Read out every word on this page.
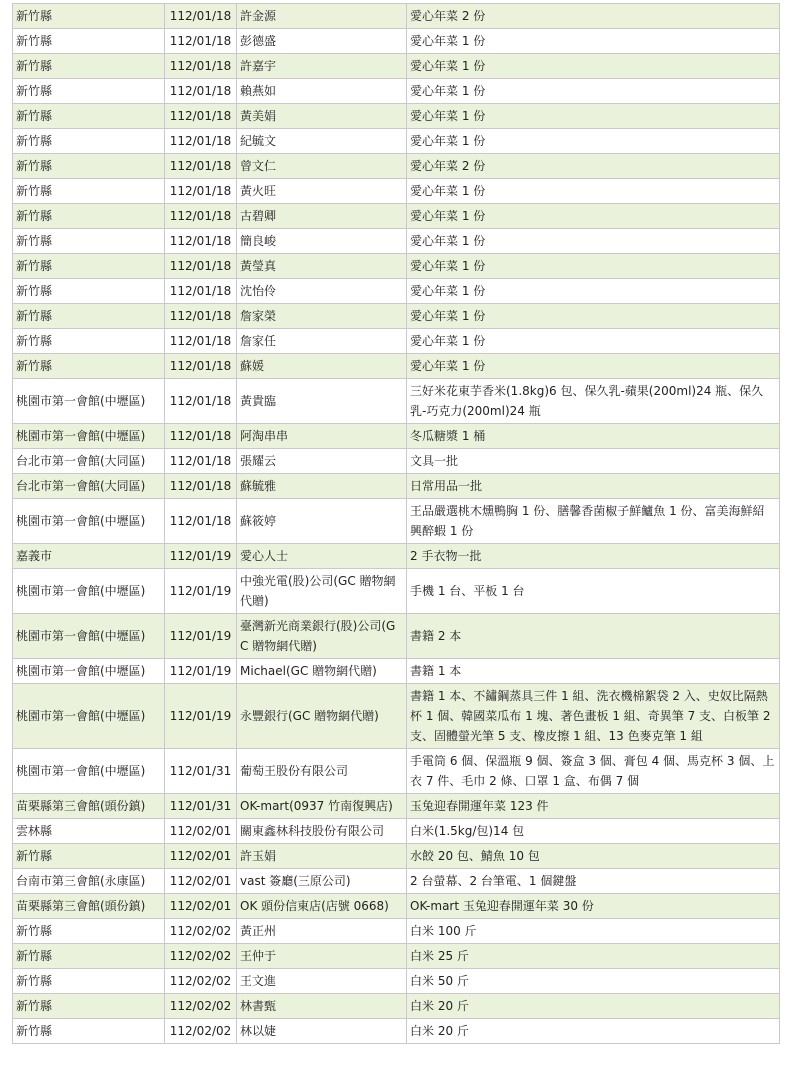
新竹縣	112/01/18	許金源	愛心年菜 2 份
新竹縣	112/01/18	彭德盛	愛心年菜 1 份
新竹縣	112/01/18	許嘉宇	愛心年菜 1 份
新竹縣	112/01/18	賴燕如	愛心年菜 1 份
新竹縣	112/01/18	黃美娟	愛心年菜 1 份
新竹縣	112/01/18	紀毓文	愛心年菜 1 份
新竹縣	112/01/18	曾文仁	愛心年菜 2 份
新竹縣	112/01/18	黃火旺	愛心年菜 1 份
新竹縣	112/01/18	古碧卿	愛心年菜 1 份
新竹縣	112/01/18	簡良峻	愛心年菜 1 份
新竹縣	112/01/18	黃瑩真	愛心年菜 1 份
新竹縣	112/01/18	沈怡伶	愛心年菜 1 份
新竹縣	112/01/18	詹家榮	愛心年菜 1 份
新竹縣	112/01/18	詹家任	愛心年菜 1 份
新竹縣	112/01/18	蘇媛	愛心年菜 1 份
桃園市第一會館(中壢區)	112/01/18	黃貴臨	三好米花東芋香米(1.8kg)6 包、保久乳-蘋果(200ml)24 瓶、保久乳-巧克力(200ml)24 瓶
桃園市第一會館(中壢區)	112/01/18	阿淘串串	冬瓜糖漿 1 桶
台北市第一會館(大同區)	112/01/18	張耀云	文具一批
台北市第一會館(大同區)	112/01/18	蘇毓雅	日常用品一批
桃園市第一會館(中壢區)	112/01/18	蘇筱婷	王品嚴選桃木燻鴨胸 1 份、膳馨香菌椒子鮮鱸魚 1 份、富美海鮮紹興醉蝦 1 份
嘉義市	112/01/19	愛心人士	2 手衣物一批
桃園市第一會館(中壢區)	112/01/19	中強光電(股)公司(GC 贈物網代贈)	手機 1 台、平板 1 台
桃園市第一會館(中壢區)	112/01/19	臺灣新光商業銀行(股)公司(GC 贈物網代贈)	書籍 2 本
桃園市第一會館(中壢區)	112/01/19	Michael(GC 贈物網代贈)	書籍 1 本
桃園市第一會館(中壢區)	112/01/19	永豐銀行(GC 贈物網代贈)	書籍 1 本、不鏽鋼蒸具三件 1 組、洗衣機棉絮袋 2 入、史奴比隔熱杯 1 個、韓國菜瓜布 1 塊、著色畫板 1 組、奇異筆 7 支、白板筆 2 支、固體螢光筆 5 支、橡皮擦 1 組、13 色麥克筆 1 組
桃園市第一會館(中壢區)	112/01/31	葡萄王股份有限公司	手電筒 6 個、保溫瓶 9 個、簽盒 3 個、膏包 4 個、馬克杯 3 個、上衣 7 件、毛巾 2 條、口罩 1 盒、布偶 7 個
苗栗縣第三會館(頭份鎮)	112/01/31	OK-mart(0937 竹南復興店)	玉兔迎春開運年菜 123 件
雲林縣	112/02/01	關東鑫林科技股份有限公司	白米(1.5kg/包)14 包
新竹縣	112/02/01	許玉娟	水餃 20 包、鯖魚 10 包
台南市第三會館(永康區)	112/02/01	vast 簽廳(三原公司)	2 台螢幕、2 台筆電、1 個鍵盤
苗栗縣第三會館(頭份鎮)	112/02/01	OK 頭份信東店(店號 0668)	OK-mart 玉兔迎春開運年菜 30 份
新竹縣	112/02/02	黃正州	白米 100 斤
新竹縣	112/02/02	王仲于	白米 25 斤
新竹縣	112/02/02	王文進	白米 50 斤
新竹縣	112/02/02	林書甄	白米 20 斤
新竹縣	112/02/02	林以婕	白米 20 斤
